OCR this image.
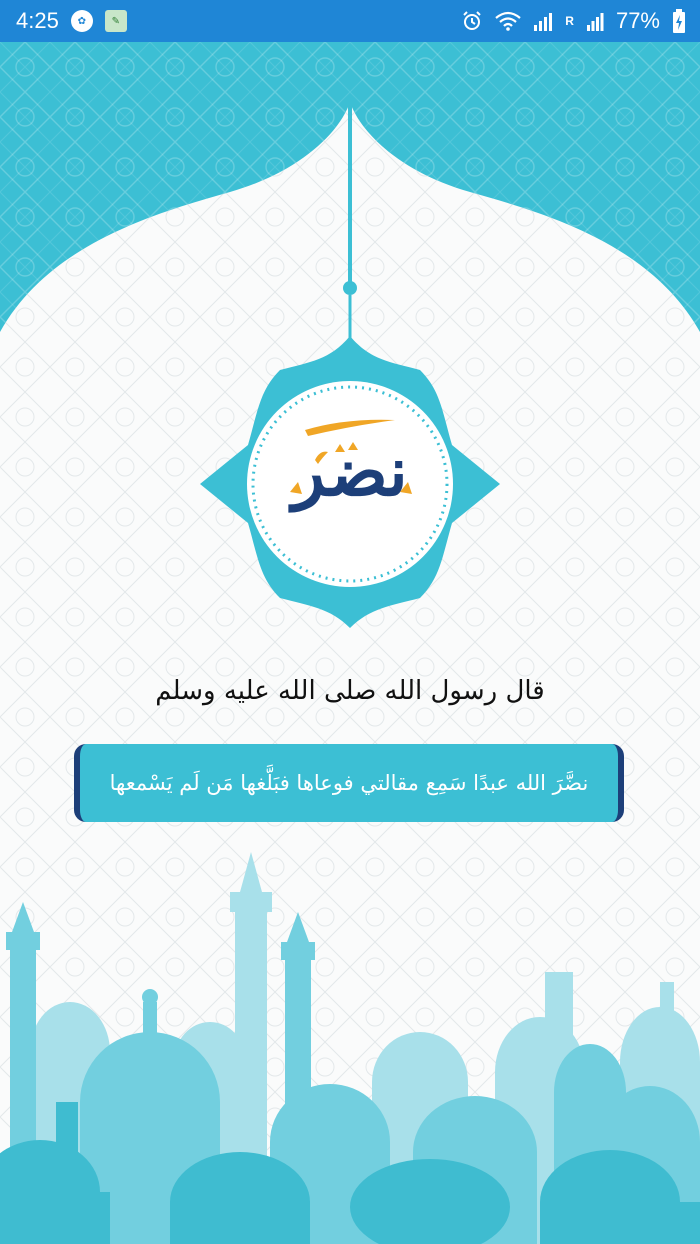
4:25	✿	✎	R 77%
نضر
قال رسول الله صلى الله عليه وسلم
نضَّرَ الله عبدًا سَمِع مقالتي فوعاها فبَلَّغها مَن لَم يَسْمعها
